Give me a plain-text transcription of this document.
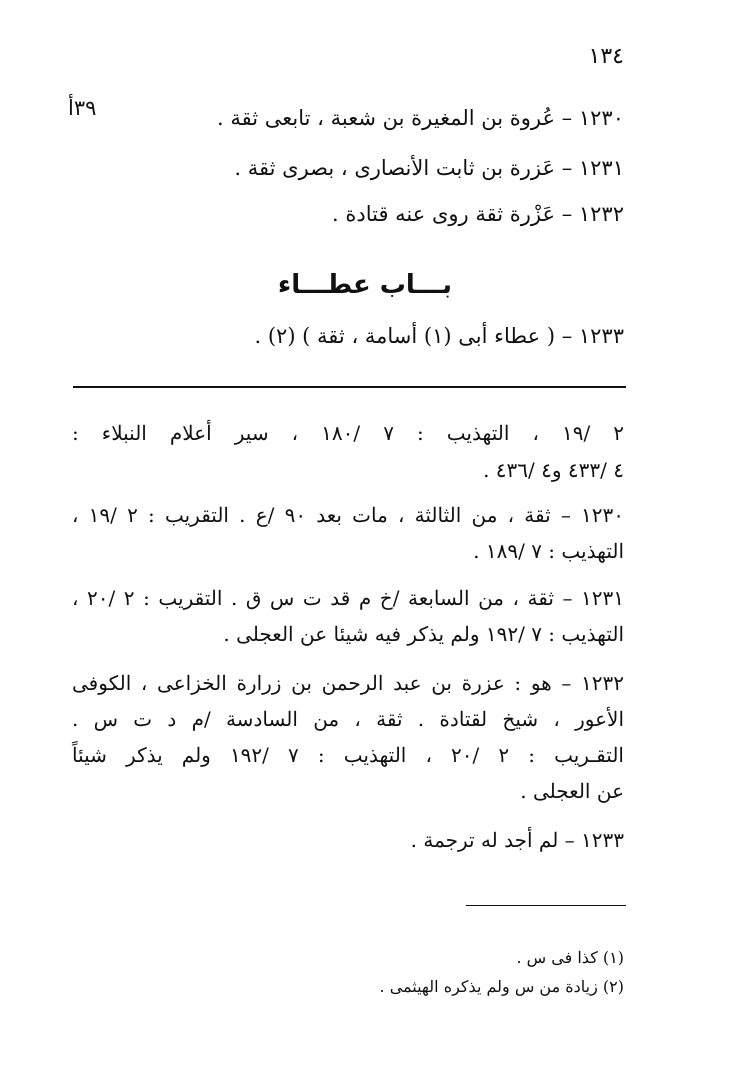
١٣٤
٣٩أ	١٢٣٠ – عُروة بن المغيرة بن شعبة ، تابعى ثقة .
١٢٣١ – عَزرة بن ثابت الأنصارى ، بصرى ثقة .
١٢٣٢ – عَزْرة ثقة روى عنه قتادة .
بـــاب عطـــاء
١٢٣٣ – ( عطاء أبى (١) أسامة ، ثقة ) (٢) .
٢ /١٩ ، التهذيب : ٧ /١٨٠ ، سير أعلام النبلاء :
٤ /٤٣٣ و٤ /٤٣٦ .
١٢٣٠ – ثقة ، من الثالثة ، مات بعد ٩٠ /ع . التقريب : ٢ /١٩ ،
التهذيب : ٧ /١٨٩ .
١٢٣١ – ثقة ، من السابعة /خ م قد ت س ق . التقريب : ٢ /٢٠ ،
التهذيب : ٧ /١٩٢ ولم يذكر فيه شيئا عن العجلى .
١٢٣٢ – هو : عزرة بن عبد الرحمن بن زرارة الخزاعى ، الكوفى
الأعور ، شيخ لقتادة . ثقة ، من السادسة /م د ت س .
التقـريب : ٢ /٢٠ ، التهذيب : ٧ /١٩٢ ولم يذكر شيئاً
عن العجلى .
١٢٣٣ – لم أجد له ترجمة .
(١) كذا فى س .
(٢) زيادة من س ولم يذكره الهيثمى .
